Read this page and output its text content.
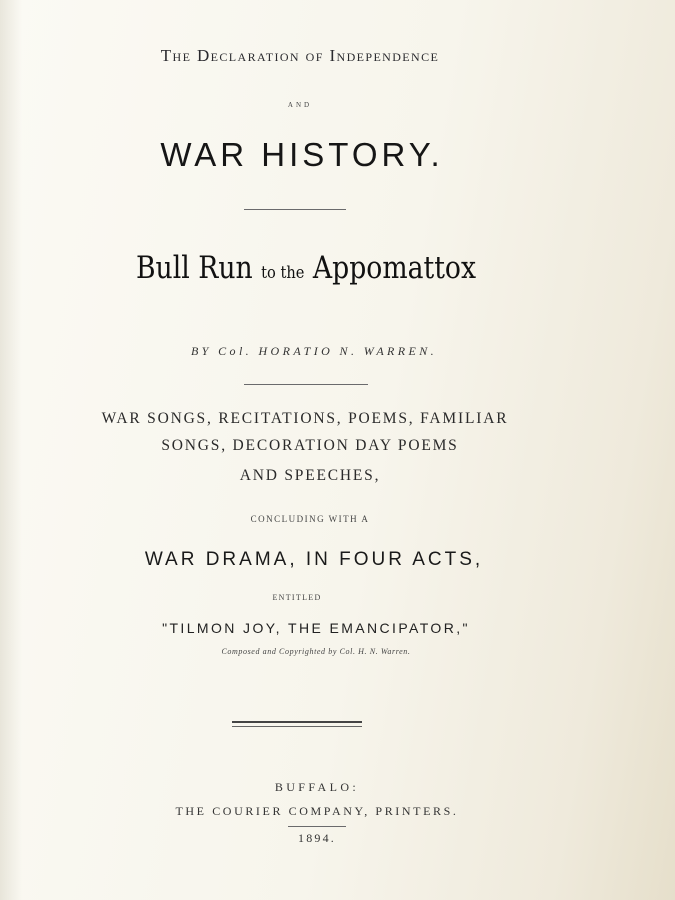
The Declaration of Independence
AND
WAR HISTORY.
Bull Run to the Appomattox
BY Col. HORATIO N. WARREN.
WAR SONGS, RECITATIONS, POEMS, FAMILIAR
SONGS, DECORATION DAY POEMS
AND SPEECHES,
CONCLUDING WITH A
WAR DRAMA, IN FOUR ACTS,
ENTITLED
"TILMON JOY, THE EMANCIPATOR,"
Composed and Copyrighted by Col. H. N. Warren.
BUFFALO:
THE COURIER COMPANY, PRINTERS.
1894.
